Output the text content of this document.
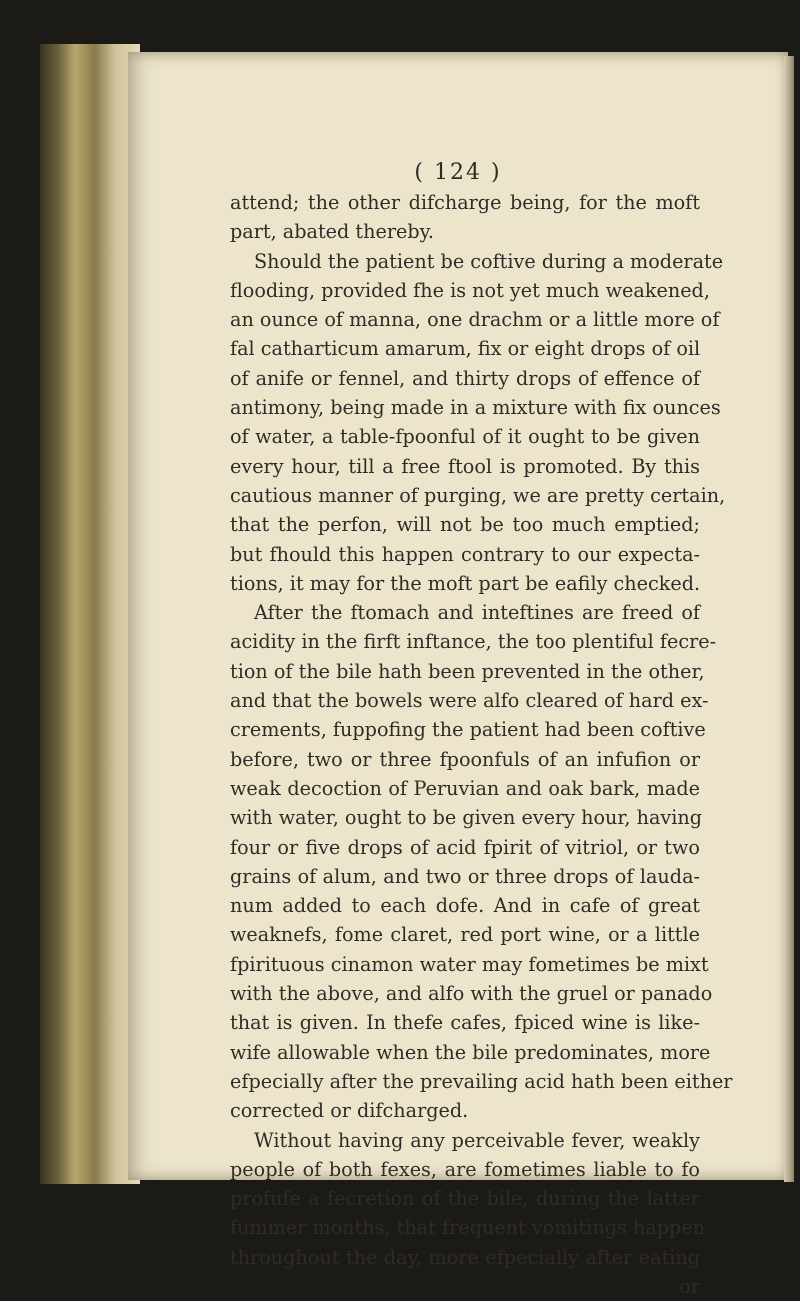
( 124 )
attend; the other difcharge being, for the moft
part, abated thereby.
Should the patient be coftive during a moderate
flooding, provided fhe is not yet much weakened,
an ounce of manna, one drachm or a little more of
fal catharticum amarum, fix or eight drops of oil
of anife or fennel, and thirty drops of effence of
antimony, being made in a mixture with fix ounces
of water, a table-fpoonful of it ought to be given
every hour, till a free ftool is promoted. By this
cautious manner of purging, we are pretty certain,
that the perfon, will not be too much emptied;
but fhould this happen contrary to our expecta-
tions, it may for the moft part be eafily checked.
After the ftomach and inteftines are freed of
acidity in the firft inftance, the too plentiful fecre-
tion of the bile hath been prevented in the other,
and that the bowels were alfo cleared of hard ex-
crements, fuppofing the patient had been coftive
before, two or three fpoonfuls of an infufion or
weak decoction of Peruvian and oak bark, made
with water, ought to be given every hour, having
four or five drops of acid fpirit of vitriol, or two
grains of alum, and two or three drops of lauda-
num added to each dofe. And in cafe of great
weaknefs, fome claret, red port wine, or a little
fpirituous cinamon water may fometimes be mixt
with the above, and alfo with the gruel or panado
that is given. In thefe cafes, fpiced wine is like-
wife allowable when the bile predominates, more
efpecially after the prevailing acid hath been either
corrected or difcharged.
Without having any perceivable fever, weakly
people of both fexes, are fometimes liable to fo
profufe a fecretion of the bile, during the latter
fummer months, that frequent vomitings happen
throughout the day, more efpecially after eating
or
